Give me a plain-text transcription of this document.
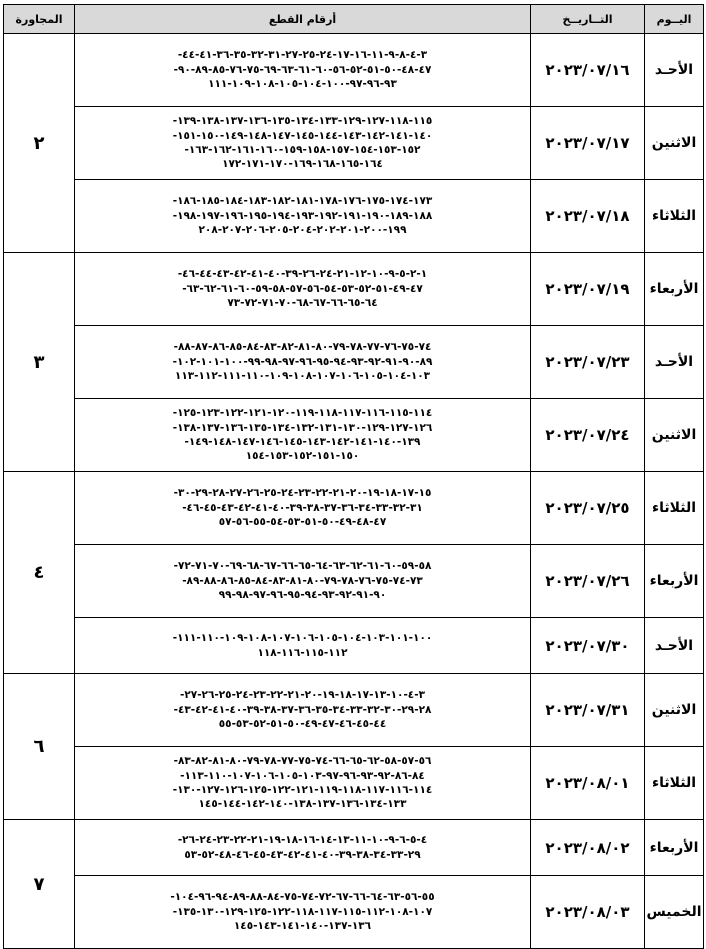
اليــوم	التــاريــخ	أرقام القطع	المجاورة
الأحـد	٢٠٢٣/٠٧/١٦	٣-٤-٨-٩-١١-١٦-١٧-٢٤-٢٥-٢٧-٣١-٣٢-٣٥-٣٦-٤١-٤٤-
٤٧-٤٨-٥٠-٥١-٥٢-٥٦-٦٠-٦١-٦٣-٦٩-٧٥-٧٦-٨٥-٨٩-٩٠-
٩٣-٩٦-٩٧-١٠٠-١٠٤-١٠٥-١٠٨-١٠٩-١١١	٢
الاثنين	٢٠٢٣/٠٧/١٧	١١٥-١١٨-١٢٧-١٢٩-١٣٣-١٣٤-١٣٥-١٣٦-١٣٧-١٣٨-١٣٩-
١٤٠-١٤١-١٤٢-١٤٣-١٤٤-١٤٥-١٤٧-١٤٨-١٤٩-١٥٠-١٥١-
١٥٢-١٥٣-١٥٤-١٥٧-١٥٨-١٥٩-١٦٠-١٦١-١٦٢-١٦٣-
١٦٤-١٦٥-١٦٨-١٦٩-١٧٠-١٧١-١٧٢	

الثلاثاء	٢٠٢٣/٠٧/١٨	١٧٣-١٧٤-١٧٥-١٧٦-١٧٨-١٨١-١٨٢-١٨٣-١٨٤-١٨٥-١٨٦-
١٨٨-١٨٩-١٩٠-١٩١-١٩٢-١٩٣-١٩٤-١٩٥-١٩٦-١٩٧-١٩٨-
١٩٩-٢٠٠-٢٠١-٢٠٢-٢٠٤-٢٠٥-٢٠٦-٢٠٧-٢٠٨	

الأربعاء	٢٠٢٣/٠٧/١٩	١-٢-٥-٩-١٠-١٢-٢١-٢٤-٢٦-٣٩-٤٠-٤١-٤٢-٤٣-٤٤-٤٦-
٤٧-٤٩-٥١-٥٢-٥٣-٥٤-٥٦-٥٧-٥٨-٥٩-٦٠-٦١-٦٢-٦٣-
٦٤-٦٥-٦٦-٦٧-٦٨-٧٠-٧١-٧٢-٧٣	٣
الأحـد	٢٠٢٣/٠٧/٢٣	٧٤-٧٥-٧٦-٧٧-٧٨-٧٩-٨٠-٨١-٨٢-٨٣-٨٤-٨٥-٨٦-٨٧-٨٨-
٨٩-٩٠-٩١-٩٢-٩٣-٩٤-٩٥-٩٦-٩٧-٩٨-٩٩-١٠٠-١٠١-١٠٢-
١٠٣-١٠٤-١٠٥-١٠٦-١٠٧-١٠٨-١٠٩-١١٠-١١١-١١٢-١١٣	

الاثنين	٢٠٢٣/٠٧/٢٤	١١٤-١١٥-١١٦-١١٧-١١٨-١١٩-١٢٠-١٢١-١٢٢-١٢٣-١٢٥-
١٢٦-١٢٧-١٢٩-١٣٠-١٣١-١٣٢-١٣٤-١٣٥-١٣٦-١٣٧-١٣٨-
١٣٩-١٤٠-١٤١-١٤٢-١٤٣-١٤٥-١٤٦-١٤٧-١٤٨-١٤٩-
١٥٠-١٥١-١٥٢-١٥٣-١٥٤	

الثلاثاء	٢٠٢٣/٠٧/٢٥	١٥-١٧-١٨-١٩-٢٠-٢١-٢٢-٢٣-٢٤-٢٥-٢٦-٢٧-٢٨-٢٩-٣٠-
٣١-٣٢-٣٣-٣٤-٣٦-٣٧-٣٨-٣٩-٤٠-٤١-٤٢-٤٣-٤٥-٤٦-
٤٧-٤٨-٤٩-٥٠-٥١-٥٣-٥٤-٥٥-٥٦-٥٧	٤
الأربعاء	٢٠٢٣/٠٧/٢٦	٥٨-٥٩-٦٠-٦١-٦٢-٦٣-٦٤-٦٥-٦٦-٦٧-٦٨-٦٩-٧٠-٧١-٧٢-
٧٣-٧٤-٧٥-٧٦-٧٨-٧٩-٨٠-٨١-٨٣-٨٤-٨٥-٨٦-٨٨-٨٩-
٩٠-٩١-٩٢-٩٣-٩٤-٩٥-٩٦-٩٧-٩٨-٩٩	

الأحـد	٢٠٢٣/٠٧/٣٠	١٠٠-١٠١-١٠٣-١٠٤-١٠٥-١٠٦-١٠٧-١٠٨-١٠٩-١١٠-١١١-
١١٢-١١٥-١١٦-١١٨	

الاثنين	٢٠٢٣/٠٧/٣١	٣-٤-١٠-١٣-١٧-١٨-١٩-٢٠-٢١-٢٢-٢٣-٢٤-٢٥-٢٦-٢٧-
٢٨-٢٩-٣٠-٣٢-٣٣-٣٤-٣٥-٣٦-٣٧-٣٨-٣٩-٤٠-٤١-٤٢-٤٣-
٤٤-٤٥-٤٦-٤٧-٤٩-٥٠-٥١-٥٢-٥٣-٥٥	٦
الثلاثاء	٢٠٢٣/٠٨/٠١	٥٦-٥٧-٥٨-٦٢-٦٥-٦٦-٧٤-٧٥-٧٧-٧٨-٧٩-٨٠-٨١-٨٢-٨٣-
٨٤-٨٦-٩٢-٩٣-٩٦-٩٧-١٠٣-١٠٥-١٠٦-١٠٧-١١٠-١١٣-
١١٤-١١٦-١١٧-١١٨-١١٩-١٢١-١٢٢-١٢٥-١٢٦-١٢٧-١٣٠-
١٣٣-١٣٤-١٣٦-١٣٧-١٣٨-١٤٠-١٤٢-١٤٤-١٤٥	

الأربعاء	٢٠٢٣/٠٨/٠٢	٤-٥-٦-٩-١٠-١١-١٣-١٤-١٦-١٨-١٩-٢١-٢٢-٢٣-٢٤-٢٦-
٢٩-٣٣-٣٤-٣٨-٣٩-٤٠-٤١-٤٢-٤٣-٤٥-٤٦-٤٨-٥٢-٥٣	٧
الخميس	٢٠٢٣/٠٨/٠٣	٥٥-٥٦-٦٣-٦٤-٦٦-٦٧-٧٢-٧٤-٧٥-٨٤-٨٨-٨٩-٩٤-٩٦-١٠٤-
١٠٧-١٠٨-١١٢-١١٥-١١٧-١١٨-١٢٢-١٢٥-١٢٩-١٣٠-١٣٥-
١٣٦-١٣٧-١٤٠-١٤١-١٤٣-١٤٥	
